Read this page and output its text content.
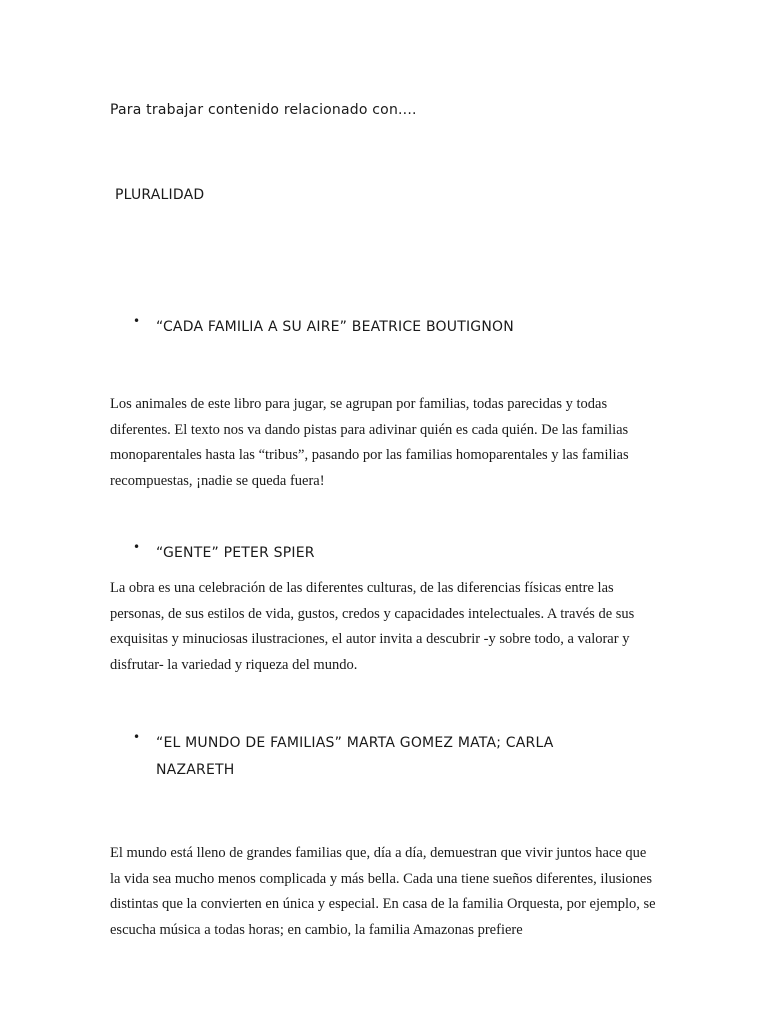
Para trabajar contenido relacionado con....
PLURALIDAD
• “CADA FAMILIA A SU AIRE” BEATRICE BOUTIGNON

Los animales de este libro para jugar, se agrupan por familias, todas parecidas y todas diferentes. El texto nos va dando pistas para adivinar quién es cada quién. De las familias monoparentales hasta las “tribus”, pasando por las familias homoparentales y las familias recompuestas, ¡nadie se queda fuera!

• “GENTE” PETER SPIER

La obra es una celebración de las diferentes culturas, de las diferencias físicas entre las personas, de sus estilos de vida, gustos, credos y capacidades intelectuales. A través de sus exquisitas y minuciosas ilustraciones, el autor invita a descubrir -y sobre todo, a valorar y disfrutar- la variedad y riqueza del mundo.

• “EL MUNDO DE FAMILIAS” MARTA GOMEZ MATA; CARLA NAZARETH

El mundo está lleno de grandes familias que, día a día, demuestran que vivir juntos hace que la vida sea mucho menos complicada y más bella. Cada una tiene sueños diferentes, ilusiones distintas que la convierten en única y especial. En casa de la familia Orquesta, por ejemplo, se escucha música a todas horas; en cambio, la familia Amazonas prefiere
